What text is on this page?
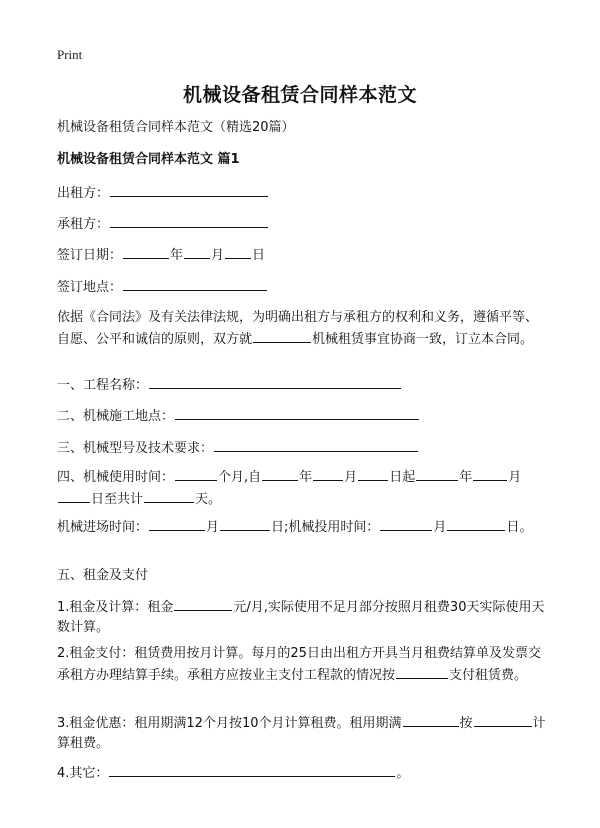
Print
机械设备租赁合同样本范文
机械设备租赁合同样本范文（精选20篇）
机械设备租赁合同样本范文 篇1
出租方：
承租方：
签订日期：	年 月 日
签订地点：
依据《合同法》及有关法律法规，为明确出租方与承租方的权利和义务，遵循平等、自愿、公平和诚信的原则，双方就	机械租赁事宜协商一致，订立本合同。
一、工程名称：
二、机械施工地点：
三、机械型号及技术要求：
四、机械使用时间：	个月,自	年 月 日起	年	月日至共计	天。
机械进场时间：	月	日;机械投用时间：	月	日。
五、租金及支付
1.租金及计算：租金	元/月,实际使用不足月部分按照月租费30天实际使用天数计算。
2.租金支付：租赁费用按月计算。每月的25日由出租方开具当月租费结算单及发票交承租方办理结算手续。承租方应按业主支付工程款的情况按	支付租赁费。
3.租金优惠：租用期满12个月按10个月计算租费。租用期满	按	计算租费。
4.其它：	。
